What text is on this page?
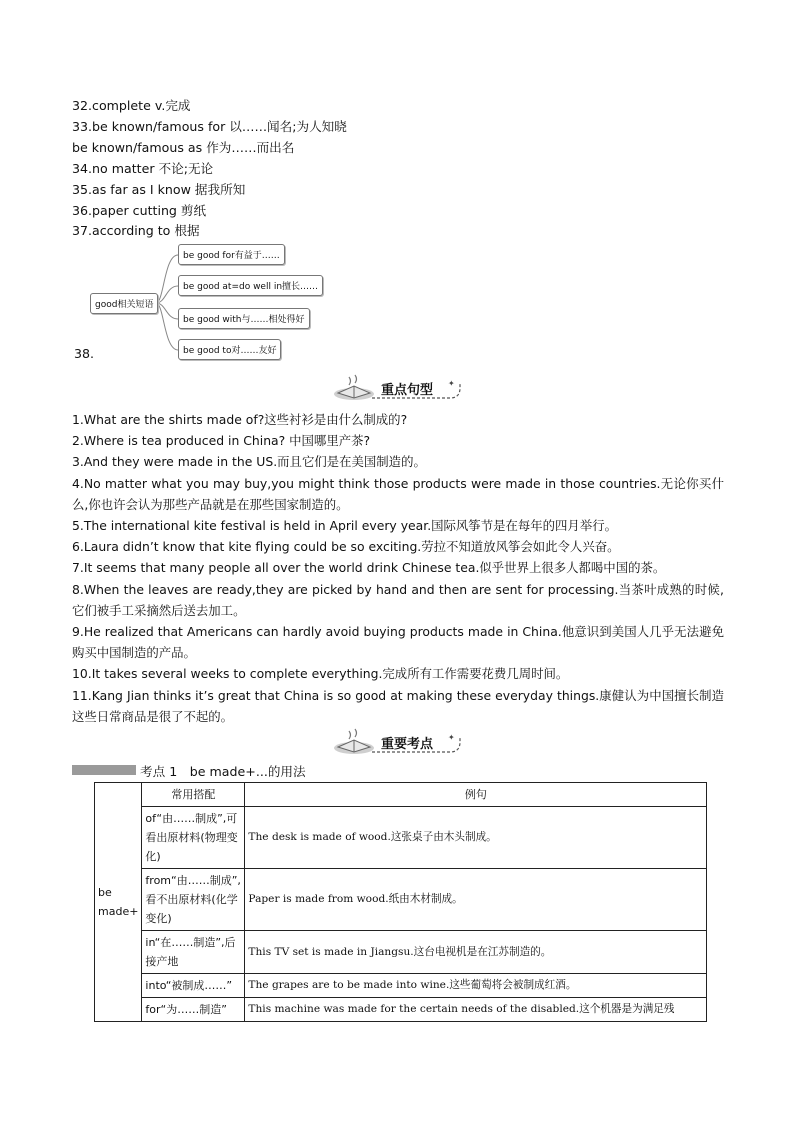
32.complete v.完成
33.be known/famous for 以……闻名;为人知晓
be known/famous as 作为……而出名
34.no matter 不论;无论
35.as far as I know 据我所知
36.paper cutting 剪纸
37.according to 根据
good相关短语
be good for有益于……
be good at=do well in擅长……
be good with与……相处得好
be good to对……友好
38.
✦
重点句型

1.What are the shirts made of?这些衬衫是由什么制成的?

2.Where is tea produced in China? 中国哪里产茶?

3.And they were made in the US.而且它们是在美国制造的。

4.No matter what you may buy,you might think those products were made in those countries.无论你买什么,你也许会认为那些产品就是在那些国家制造的。

5.The international kite festival is held in April every year.国际风筝节是在每年的四月举行。

6.Laura didn’t know that kite flying could be so exciting.劳拉不知道放风筝会如此令人兴奋。

7.It seems that many people all over the world drink Chinese tea.似乎世界上很多人都喝中国的茶。

8.When the leaves are ready,they are picked by hand and then are sent for processing.当茶叶成熟的时候,它们被手工采摘然后送去加工。

9.He realized that Americans can hardly avoid buying products made in China.他意识到美国人几乎无法避免购买中国制造的产品。

10.It takes several weeks to complete everything.完成所有工作需要花费几周时间。

11.Kang Jian thinks it’s great that China is so good at making these everyday things.康健认为中国擅长制造这些日常商品是很了不起的。

✦
重要考点
考点 1　be made+...的用法
be made+	常用搭配	例句
	of“由……制成”,可看出原材料(物理变化)	The desk is made of wood.这张桌子由木头制成。
	from“由……制成”,看不出原材料(化学变化)	Paper is made from wood.纸由木材制成。
	in“在……制造”,后接产地	This TV set is made in Jiangsu.这台电视机是在江苏制造的。
	into“被制成……”	The grapes are to be made into wine.这些葡萄将会被制成红酒。
	for“为……制造”	This machine was made for the certain needs of the disabled.这个机器是为满足残
